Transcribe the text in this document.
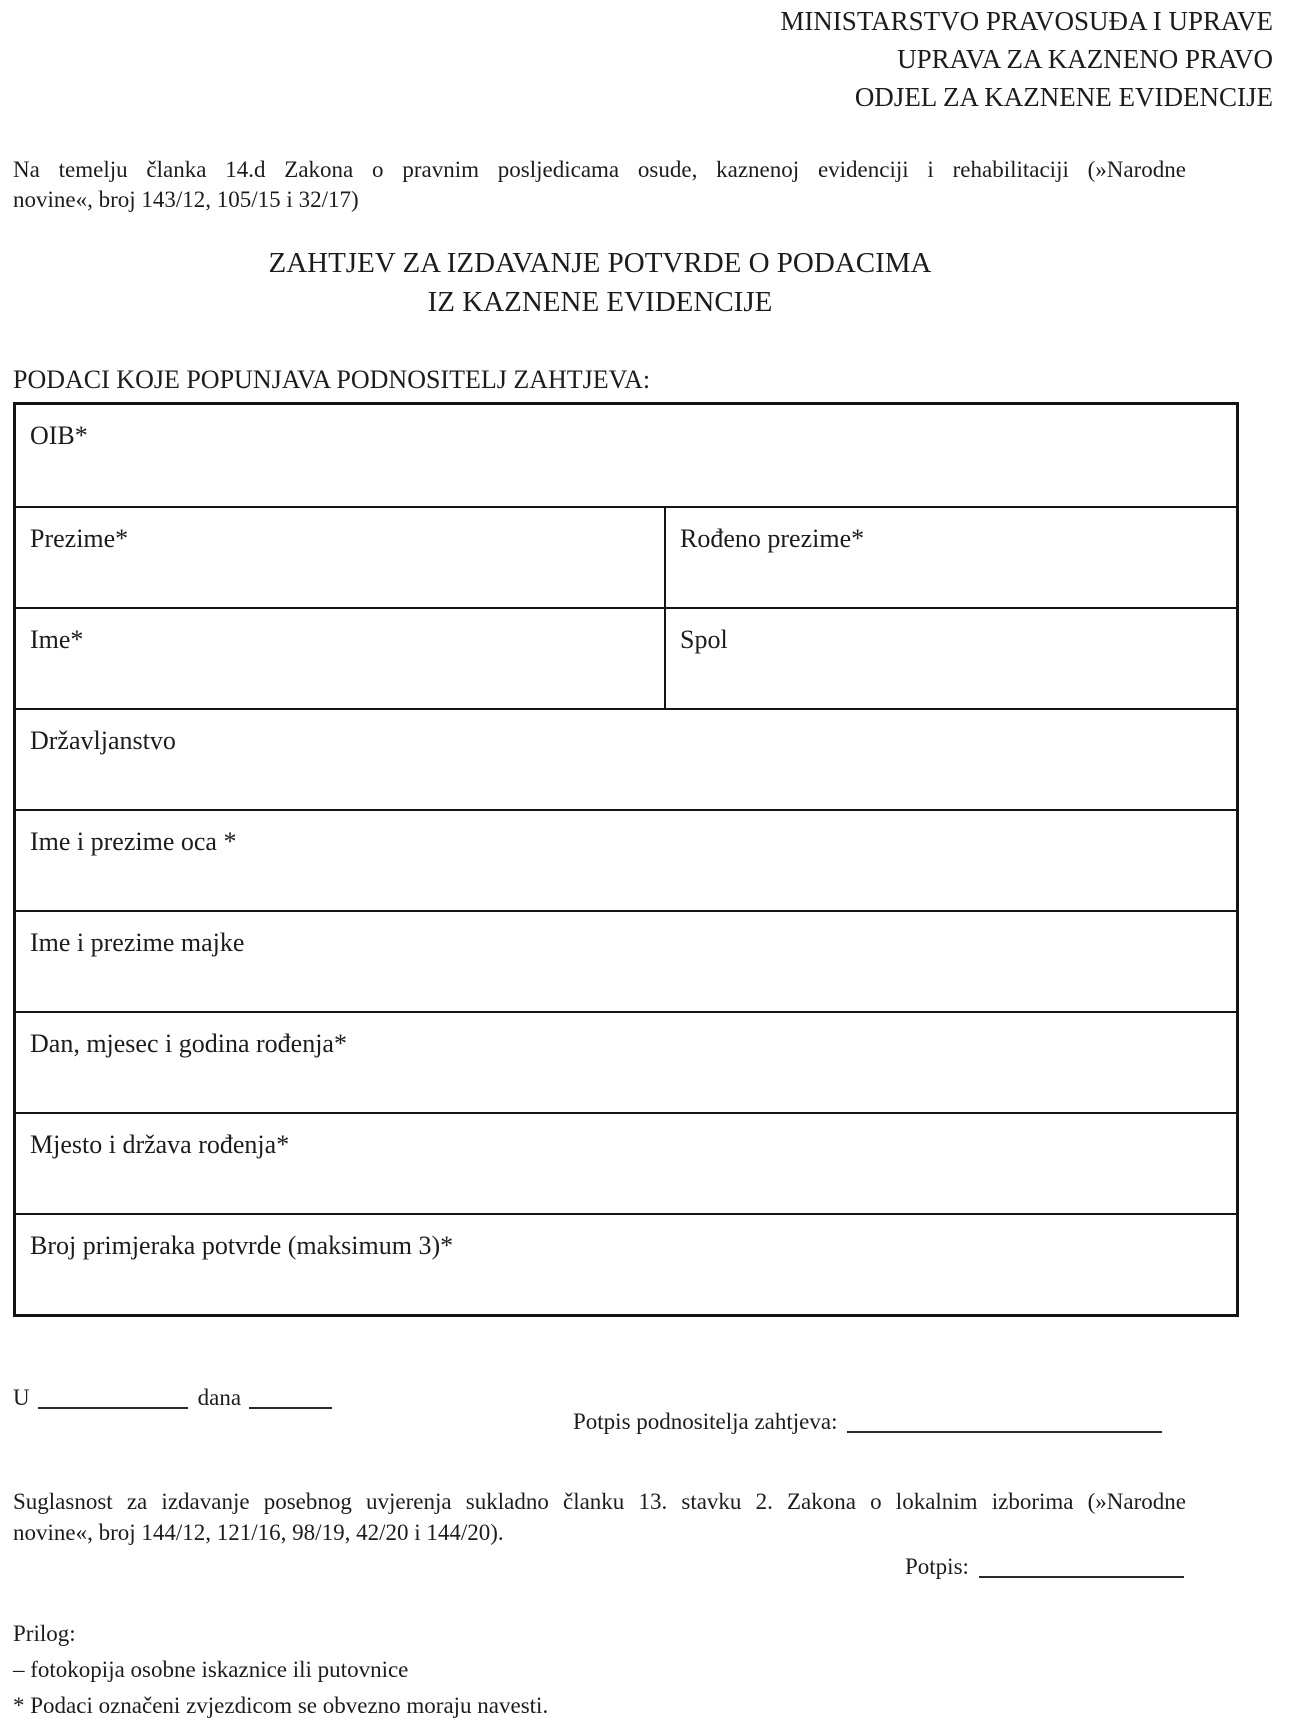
MINISTARSTVO PRAVOSUĐA I UPRAVE
UPRAVA ZA KAZNENO PRAVO
ODJEL ZA KAZNENE EVIDENCIJE
Na temelju članka 14.d Zakona o pravnim posljedicama osude, kaznenoj evidenciji i rehabilitaciji (»Narodne
novine«, broj 143/12, 105/15 i 32/17)
ZAHTJEV ZA IZDAVANJE POTVRDE O PODACIMA
IZ KAZNENE EVIDENCIJE
PODACI KOJE POPUNJAVA PODNOSITELJ ZAHTJEVA:
OIB*
Prezime*	Rođeno prezime*
Ime*	Spol
Državljanstvo
Ime i prezime oca *
Ime i prezime majke
Dan, mjesec i godina rođenja*
Mjesto i država rođenja*
Broj primjeraka potvrde (maksimum 3)*
U	dana
Potpis podnositelja zahtjeva:
Suglasnost za izdavanje posebnog uvjerenja sukladno članku 13. stavku 2. Zakona o lokalnim izborima (»Narodne
novine«, broj 144/12, 121/16, 98/19, 42/20 i 144/20).
Potpis:
Prilog:
– fotokopija osobne iskaznice ili putovnice
* Podaci označeni zvjezdicom se obvezno moraju navesti.
